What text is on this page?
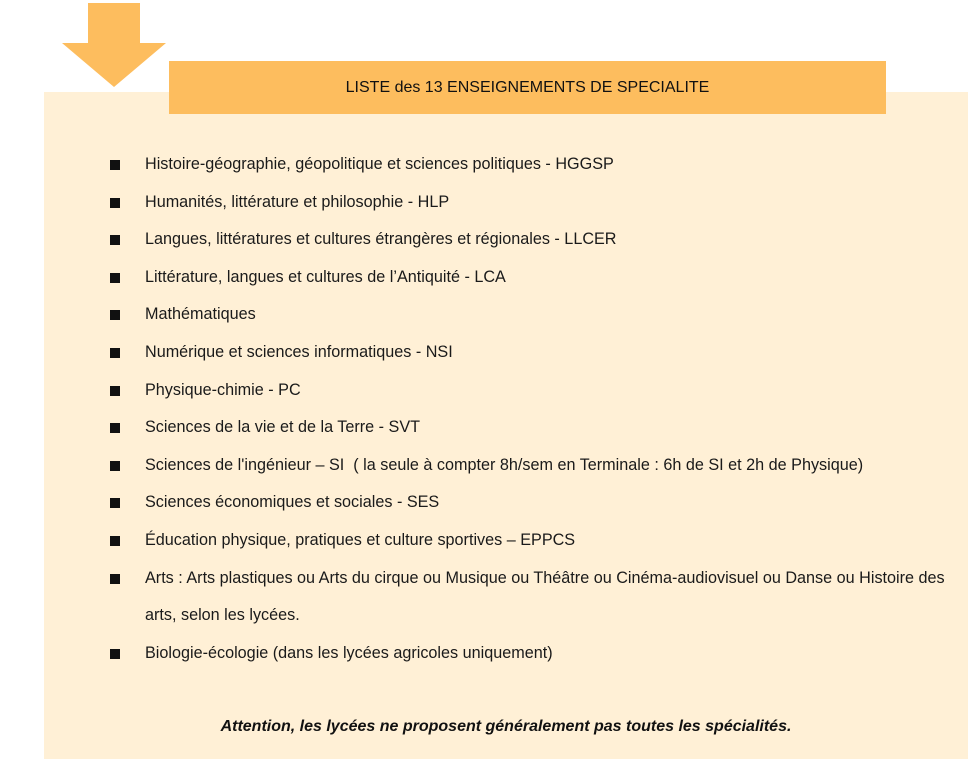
LISTE des 13 ENSEIGNEMENTS DE SPECIALITE
Histoire-géographie, géopolitique et sciences politiques - HGGSP
Humanités, littérature et philosophie - HLP
Langues, littératures et cultures étrangères et régionales - LLCER
Littérature, langues et cultures de l’Antiquité - LCA
Mathématiques
Numérique et sciences informatiques - NSI
Physique-chimie - PC
Sciences de la vie et de la Terre - SVT
Sciences de l'ingénieur – SI  ( la seule à compter 8h/sem en Terminale : 6h de SI et 2h de Physique)
Sciences économiques et sociales - SES
Éducation physique, pratiques et culture sportives – EPPCS
Arts : Arts plastiques ou Arts du cirque ou Musique ou Théâtre ou Cinéma-audiovisuel ou Danse ou Histoire des arts, selon les lycées.
Biologie-écologie (dans les lycées agricoles uniquement)
Attention, les lycées ne proposent généralement pas toutes les spécialités.
